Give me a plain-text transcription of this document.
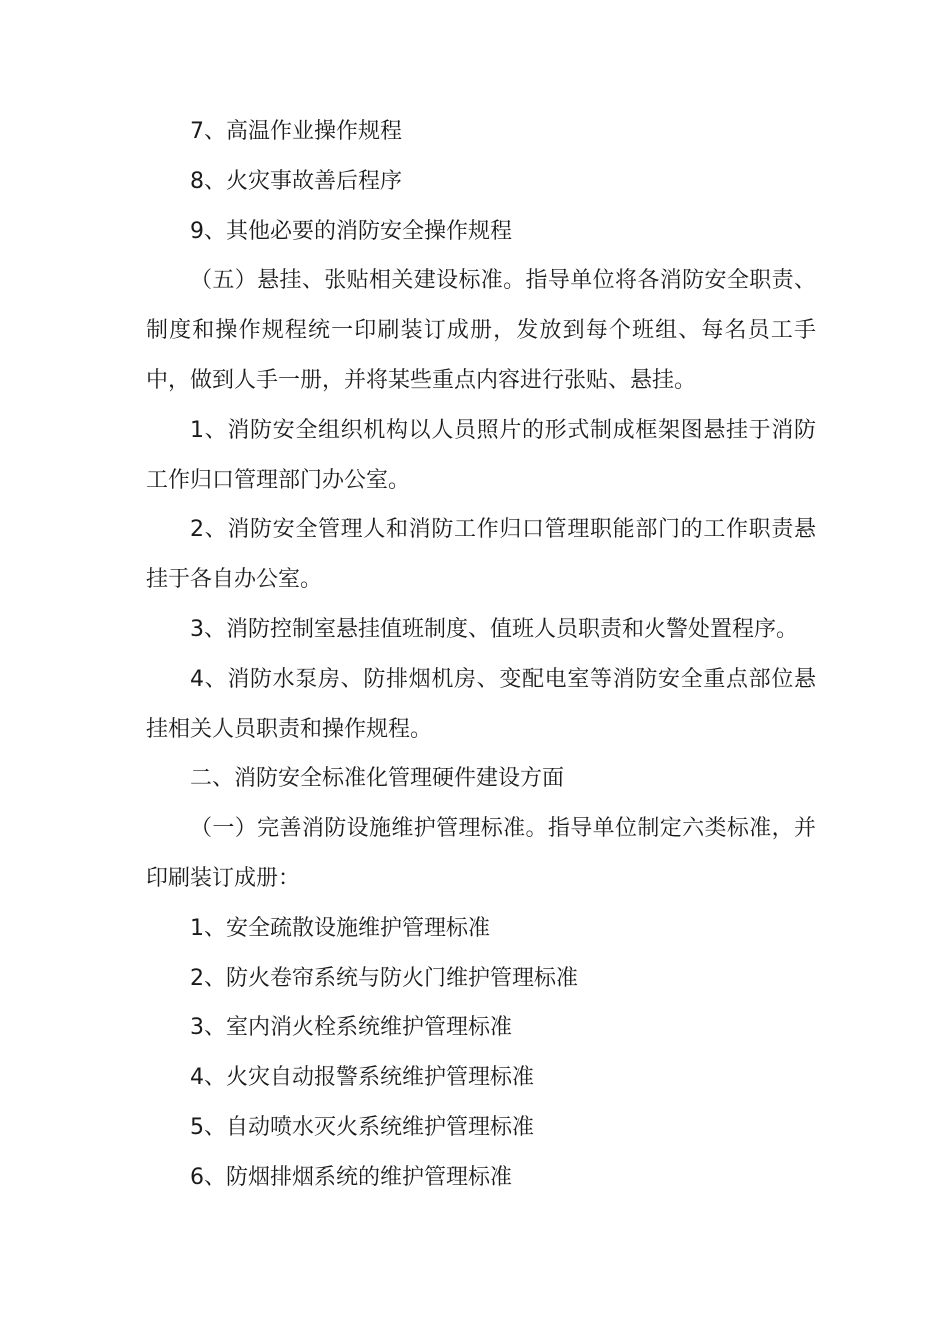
7、高温作业操作规程

8、火灾事故善后程序

9、其他必要的消防安全操作规程

（五）悬挂、张贴相关建设标准。指导单位将各消防安全职责、制度和操作规程统一印刷装订成册，发放到每个班组、每名员工手中，做到人手一册，并将某些重点内容进行张贴、悬挂。

1、消防安全组织机构以人员照片的形式制成框架图悬挂于消防工作归口管理部门办公室。

2、消防安全管理人和消防工作归口管理职能部门的工作职责悬挂于各自办公室。

3、消防控制室悬挂值班制度、值班人员职责和火警处置程序。

4、消防水泵房、防排烟机房、变配电室等消防安全重点部位悬挂相关人员职责和操作规程。

二、消防安全标准化管理硬件建设方面

（一）完善消防设施维护管理标准。指导单位制定六类标准，并印刷装订成册：

1、安全疏散设施维护管理标准

2、防火卷帘系统与防火门维护管理标准

3、室内消火栓系统维护管理标准

4、火灾自动报警系统维护管理标准

5、自动喷水灭火系统维护管理标准

6、防烟排烟系统的维护管理标准
